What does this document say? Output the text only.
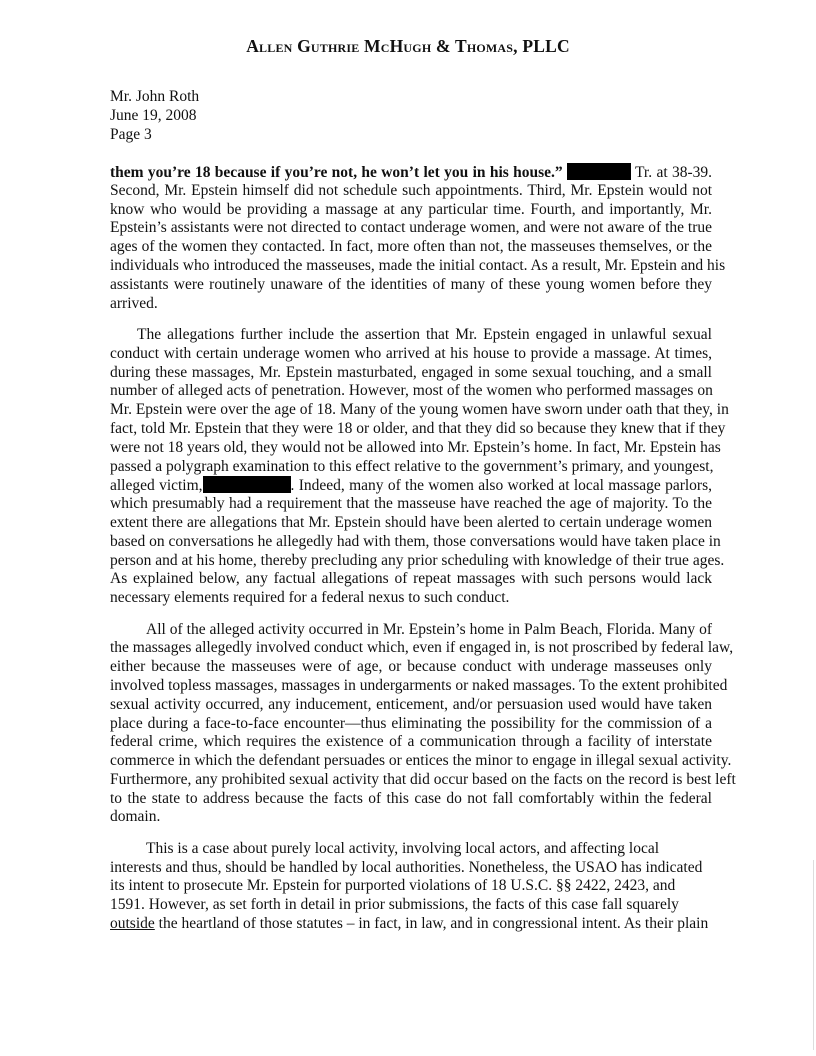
Allen Guthrie McHugh & Thomas, PLLC
Mr. John Roth
June 19, 2008
Page 3
them you’re 18 because if you’re not, he won’t let you in his house.”	Tr. at 38-39.
Second, Mr. Epstein himself did not schedule such appointments. Third, Mr. Epstein would not
know who would be providing a massage at any particular time. Fourth, and importantly, Mr.
Epstein’s assistants were not directed to contact underage women, and were not aware of the true
ages of the women they contacted. In fact, more often than not, the masseuses themselves, or the
individuals who introduced the masseuses, made the initial contact. As a result, Mr. Epstein and his
assistants were routinely unaware of the identities of many of these young women before they
arrived.
The allegations further include the assertion that Mr. Epstein engaged in unlawful sexual
conduct with certain underage women who arrived at his house to provide a massage. At times,
during these massages, Mr. Epstein masturbated, engaged in some sexual touching, and a small
number of alleged acts of penetration. However, most of the women who performed massages on
Mr. Epstein were over the age of 18. Many of the young women have sworn under oath that they, in
fact, told Mr. Epstein that they were 18 or older, and that they did so because they knew that if they
were not 18 years old, they would not be allowed into Mr. Epstein’s home. In fact, Mr. Epstein has
passed a polygraph examination to this effect relative to the government’s primary, and youngest,
alleged victim,	. Indeed, many of the women also worked at local massage parlors,
which presumably had a requirement that the masseuse have reached the age of majority. To the
extent there are allegations that Mr. Epstein should have been alerted to certain underage women
based on conversations he allegedly had with them, those conversations would have taken place in
person and at his home, thereby precluding any prior scheduling with knowledge of their true ages.
As explained below, any factual allegations of repeat massages with such persons would lack
necessary elements required for a federal nexus to such conduct.
All of the alleged activity occurred in Mr. Epstein’s home in Palm Beach, Florida. Many of
the massages allegedly involved conduct which, even if engaged in, is not proscribed by federal law,
either because the masseuses were of age, or because conduct with underage masseuses only
involved topless massages, massages in undergarments or naked massages. To the extent prohibited
sexual activity occurred, any inducement, enticement, and/or persuasion used would have taken
place during a face-to-face encounter—thus eliminating the possibility for the commission of a
federal crime, which requires the existence of a communication through a facility of interstate
commerce in which the defendant persuades or entices the minor to engage in illegal sexual activity.
Furthermore, any prohibited sexual activity that did occur based on the facts on the record is best left
to the state to address because the facts of this case do not fall comfortably within the federal
domain.
This is a case about purely local activity, involving local actors, and affecting local
interests and thus, should be handled by local authorities. Nonetheless, the USAO has indicated
its intent to prosecute Mr. Epstein for purported violations of 18 U.S.C. §§ 2422, 2423, and
1591. However, as set forth in detail in prior submissions, the facts of this case fall squarely
outside the heartland of those statutes – in fact, in law, and in congressional intent. As their plain
